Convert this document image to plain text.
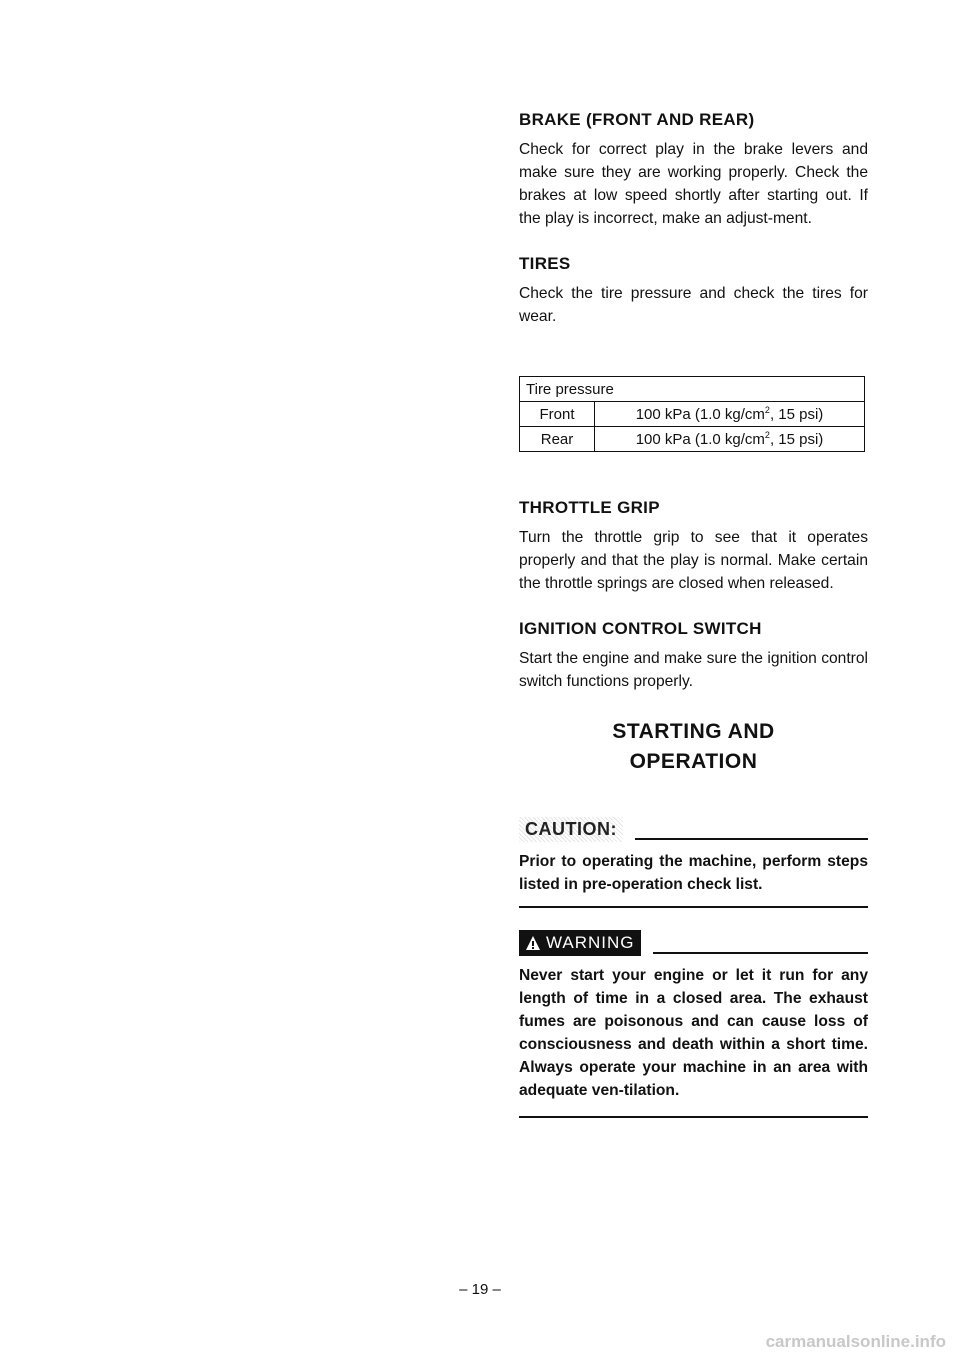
BRAKE (FRONT AND REAR)

Check for correct play in the brake levers and make sure they are working properly. Check the brakes at low speed shortly after starting out. If the play is incorrect, make an adjust-ment.

TIRES

Check the tire pressure and check the tires for wear.

Tire pressure	
Front	100 kPa (1.0 $kg/cm^2$, 15 psi)
Rear	100 kPa (1.0 $kg/cm^2$, 15 psi)

THROTTLE GRIP

Turn the throttle grip to see that it operates properly and that the play is normal. Make certain the throttle springs are closed when released.

IGNITION CONTROL SWITCH

Start the engine and make sure the ignition control switch functions properly.

STARTING AND

OPERATION

CAUTION:

Prior to operating the machine, perform steps listed in pre-operation check list.

WARNING

Never start your engine or let it run for any length of time in a closed area. The exhaust fumes are poisonous and can cause loss of consciousness and death within a short time. Always operate your machine in an area with adequate ven-tilation.

– 19 –
carmanualsonline.info
